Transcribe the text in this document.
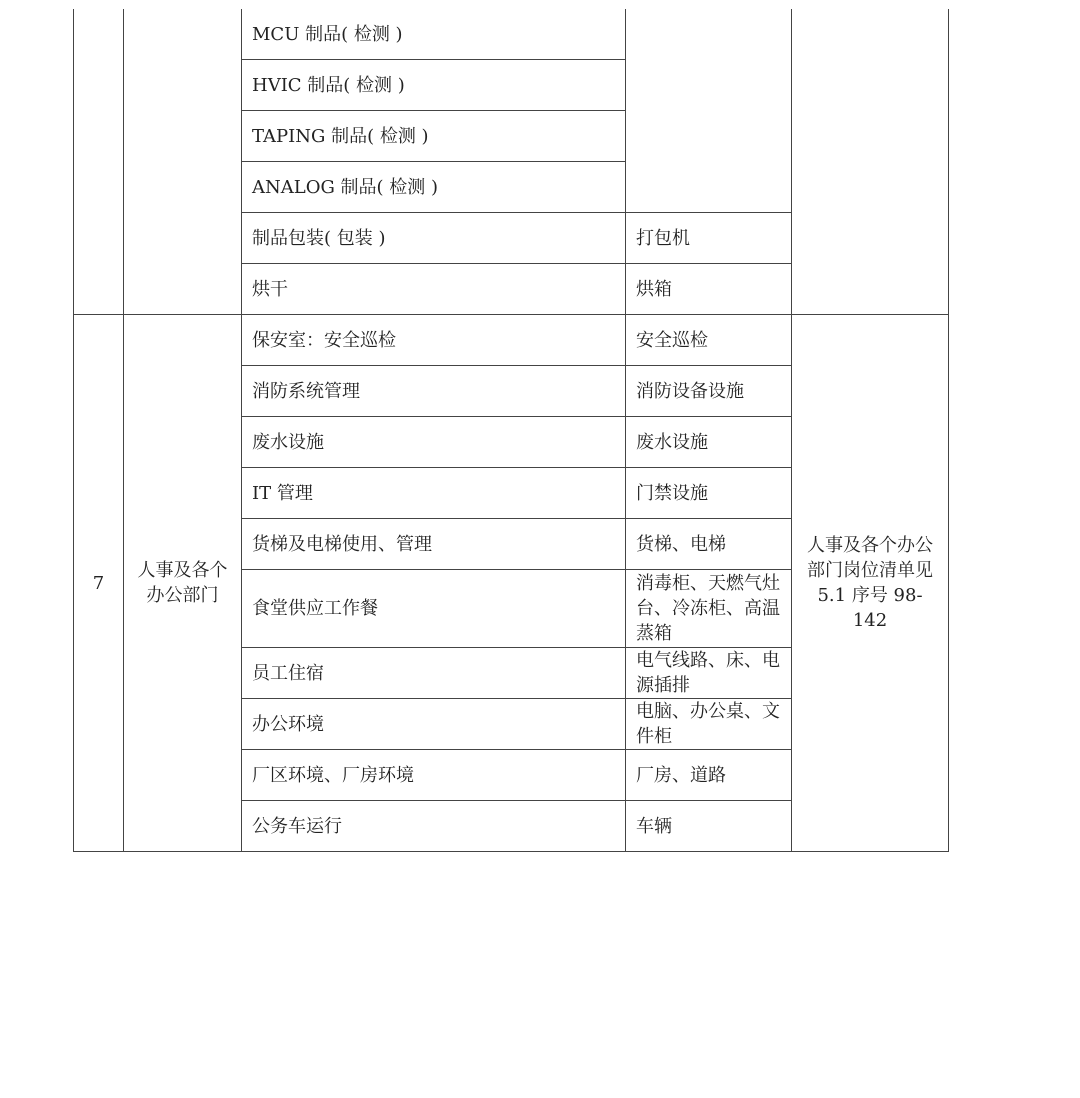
		MCU 制品( 检测 )		
		HVIC 制品( 检测 )		
		TAPING 制品( 检测 )		
		ANALOG 制品( 检测 )		
		制品包装( 包装 )	打包机	
		烘干	烘箱	
7	人事及各个办公部门	保安室：安全巡检	安全巡检	人事及各个办公部门岗位清单见5.1 序号 98-142
		消防系统管理	消防设备设施	
		废水设施	废水设施	
		IT 管理	门禁设施	
		货梯及电梯使用、管理	货梯、电梯	
		食堂供应工作餐	消毒柜、天燃气灶台、冷冻柜、高温蒸箱	
		员工住宿	电气线路、床、电源插排	
		办公环境	电脑、办公桌、文件柜	
		厂区环境、厂房环境	厂房、道路	
		公务车运行	车辆	
